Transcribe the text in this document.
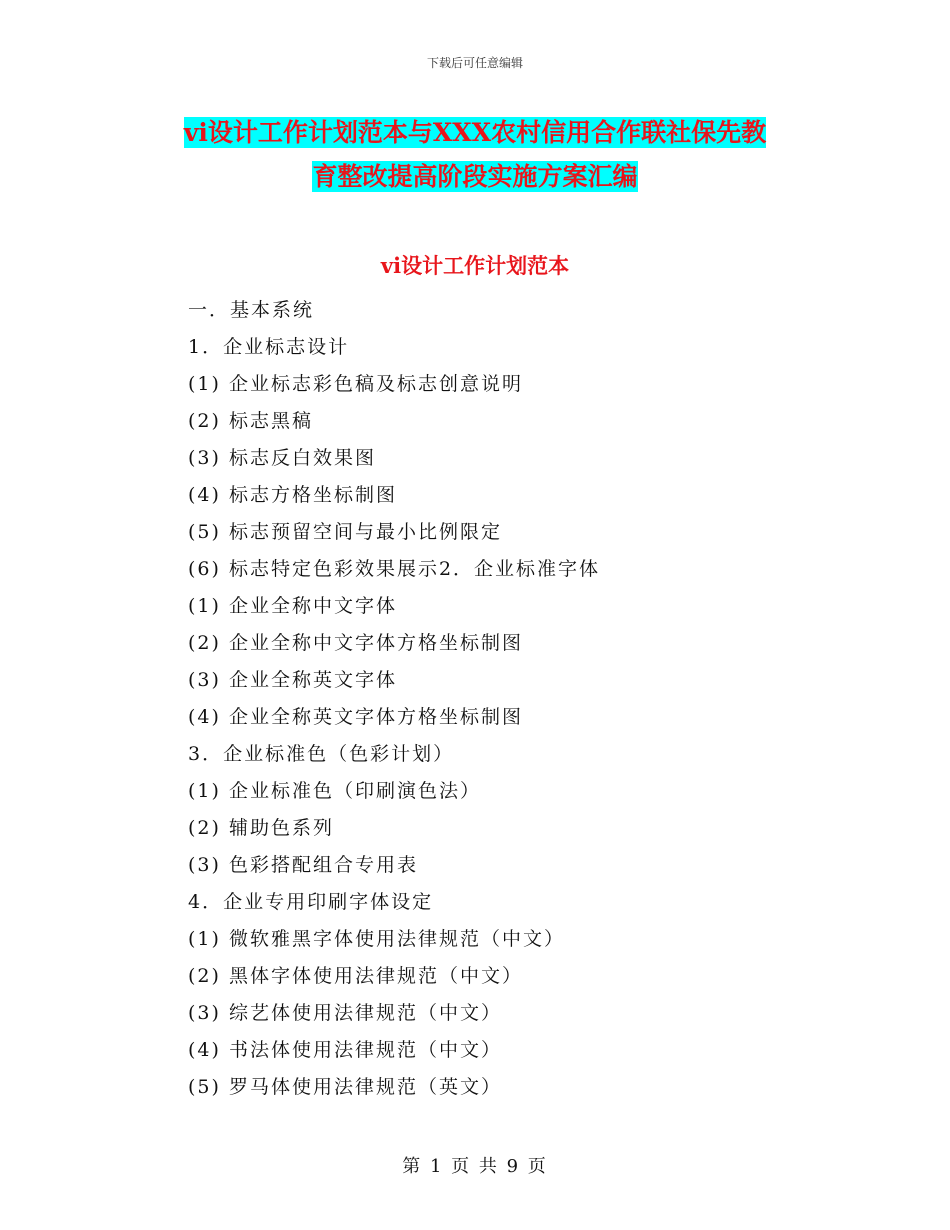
下载后可任意编辑
vi设计工作计划范本与XXX农村信用合作联社保先教
育整改提高阶段实施方案汇编
vi设计工作计划范本
一．基本系统
1．企业标志设计
(1) 企业标志彩色稿及标志创意说明
(2) 标志黑稿
(3) 标志反白效果图
(4) 标志方格坐标制图
(5) 标志预留空间与最小比例限定
(6) 标志特定色彩效果展示2．企业标准字体
(1) 企业全称中文字体
(2) 企业全称中文字体方格坐标制图
(3) 企业全称英文字体
(4) 企业全称英文字体方格坐标制图
3．企业标准色（色彩计划）
(1) 企业标准色（印刷演色法）
(2) 辅助色系列
(3) 色彩搭配组合专用表
4．企业专用印刷字体设定
(1) 微软雅黑字体使用法律规范（中文）
(2) 黑体字体使用法律规范（中文）
(3) 综艺体使用法律规范（中文）
(4) 书法体使用法律规范（中文）
(5) 罗马体使用法律规范（英文）
第 1 页 共 9 页
